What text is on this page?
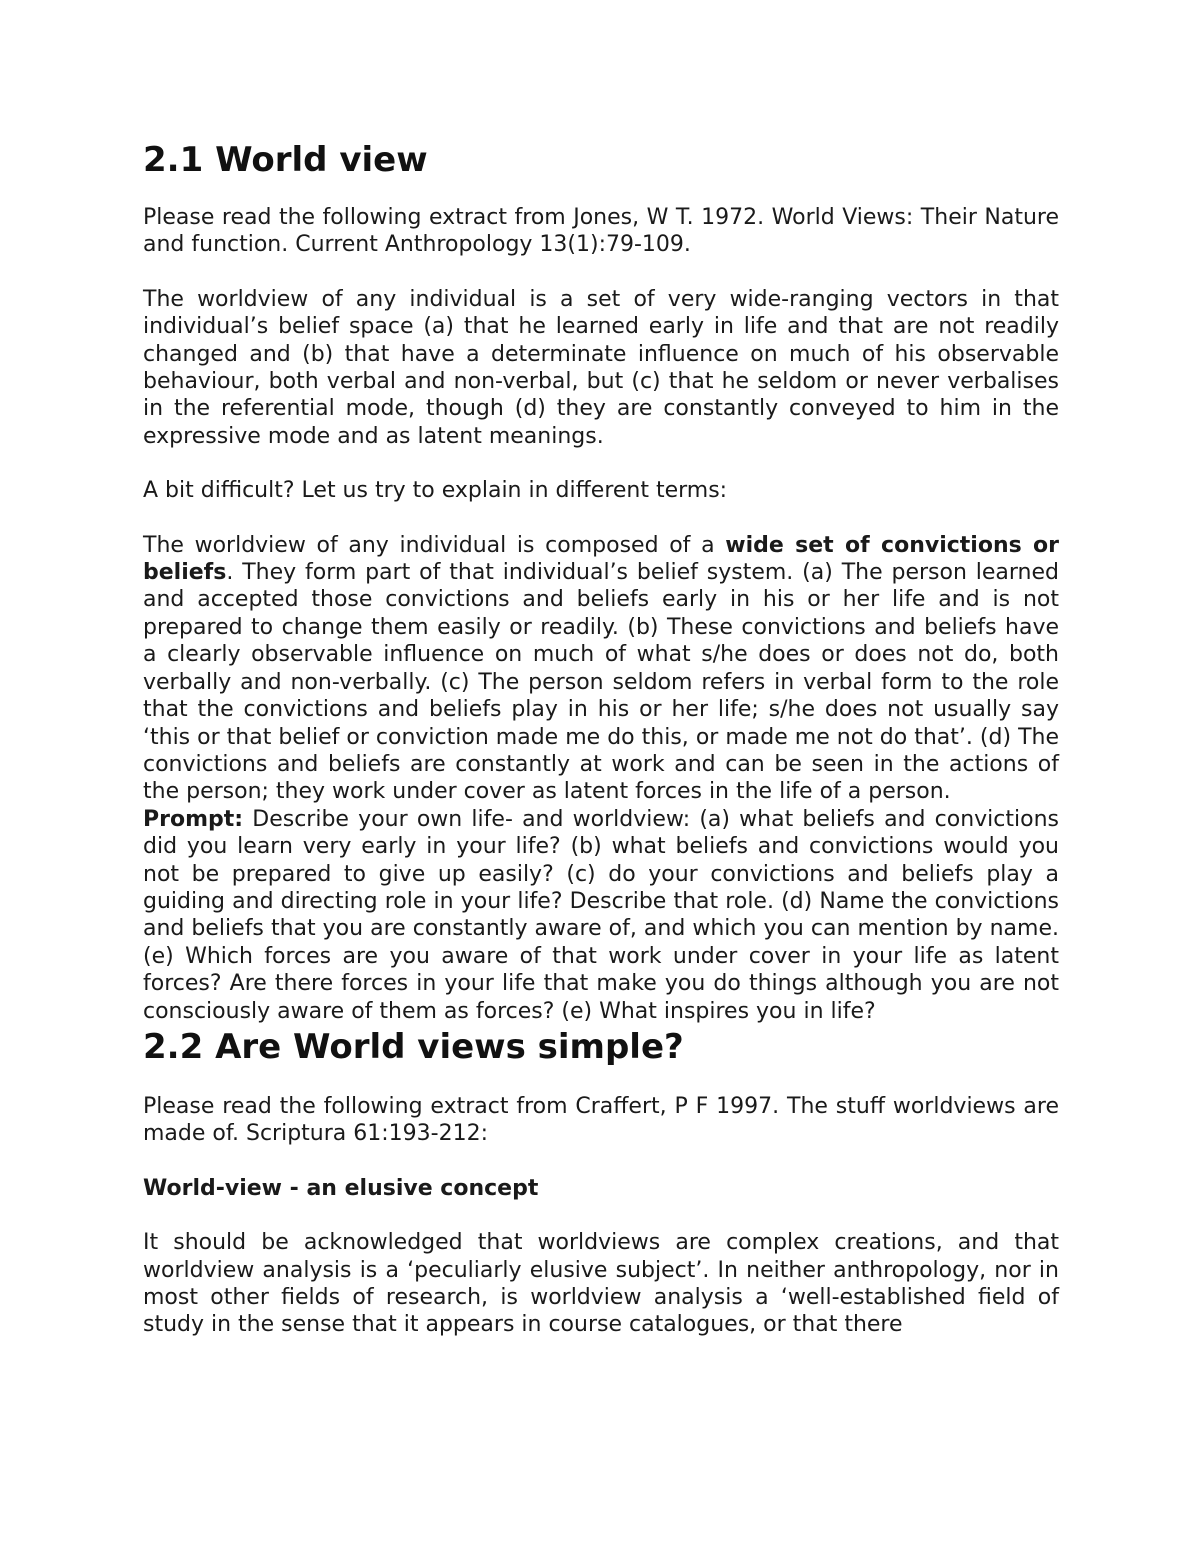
2.1 World view

Please read the following extract from Jones, W T. 1972. World Views: Their Nature and function. Current Anthropology 13(1):79-109.

The worldview of any individual is a set of very wide-ranging vectors in that individual’s belief space (a) that he learned early in life and that are not readily changed and (b) that have a determinate influence on much of his observable behaviour, both verbal and non-verbal, but (c) that he seldom or never verbalises in the referential mode, though (d) they are constantly conveyed to him in the expressive mode and as latent meanings.

A bit difficult? Let us try to explain in different terms:

The worldview of any individual is composed of a wide set of convictions or beliefs. They form part of that individual’s belief system. (a) The person learned and accepted those convictions and beliefs early in his or her life and is not prepared to change them easily or readily. (b) These convictions and beliefs have a clearly observable influence on much of what s/he does or does not do, both verbally and non-verbally. (c) The person seldom refers in verbal form to the role that the convictions and beliefs play in his or her life; s/he does not usually say ‘this or that belief or conviction made me do this, or made me not do that’. (d) The convictions and beliefs are constantly at work and can be seen in the actions of the person; they work under cover as latent forces in the life of a person.

Prompt: Describe your own life- and worldview: (a) what beliefs and convictions did you learn very early in your life? (b) what beliefs and convictions would you not be prepared to give up easily? (c) do your convictions and beliefs play a guiding and directing role in your life? Describe that role. (d) Name the convictions and beliefs that you are constantly aware of, and which you can mention by name. (e) Which forces are you aware of that work under cover in your life as latent forces? Are there forces in your life that make you do things although you are not consciously aware of them as forces? (e) What inspires you in life?

2.2 Are World views simple?

Please read the following extract from Craffert, P F 1997. The stuff worldviews are made of. Scriptura 61:193-212:

World-view - an elusive concept

It should be acknowledged that worldviews are complex creations, and that worldview analysis is a ‘peculiarly elusive subject’. In neither anthropology, nor in most other fields of research, is worldview analysis a ‘well-established field of study in the sense that it appears in course catalogues, or that there
